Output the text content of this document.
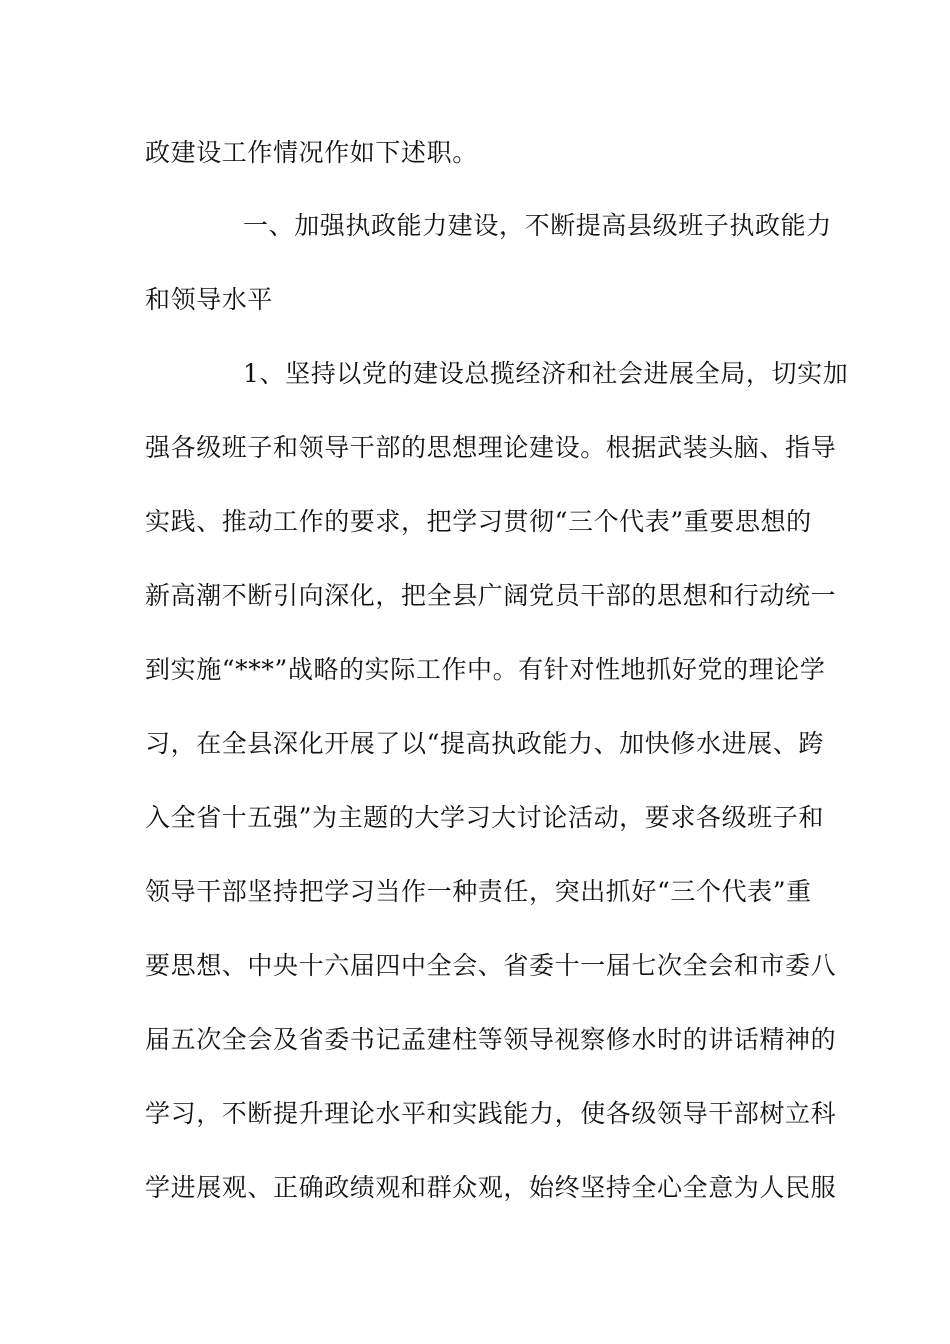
政建设工作情况作如下述职。
一、加强执政能力建设，不断提高县级班子执政能力
和领导水平
1、坚持以党的建设总揽经济和社会进展全局，切实加
强各级班子和领导干部的思想理论建设。根据武装头脑、指导
实践、推动工作的要求，把学习贯彻“三个代表”重要思想的
新高潮不断引向深化，把全县广阔党员干部的思想和行动统一
到实施“***”战略的实际工作中。有针对性地抓好党的理论学
习，在全县深化开展了以“提高执政能力、加快修水进展、跨
入全省十五强”为主题的大学习大讨论活动，要求各级班子和
领导干部坚持把学习当作一种责任，突出抓好“三个代表”重
要思想、中央十六届四中全会、省委十一届七次全会和市委八
届五次全会及省委书记孟建柱等领导视察修水时的讲话精神的
学习，不断提升理论水平和实践能力，使各级领导干部树立科
学进展观、正确政绩观和群众观，始终坚持全心全意为人民服
